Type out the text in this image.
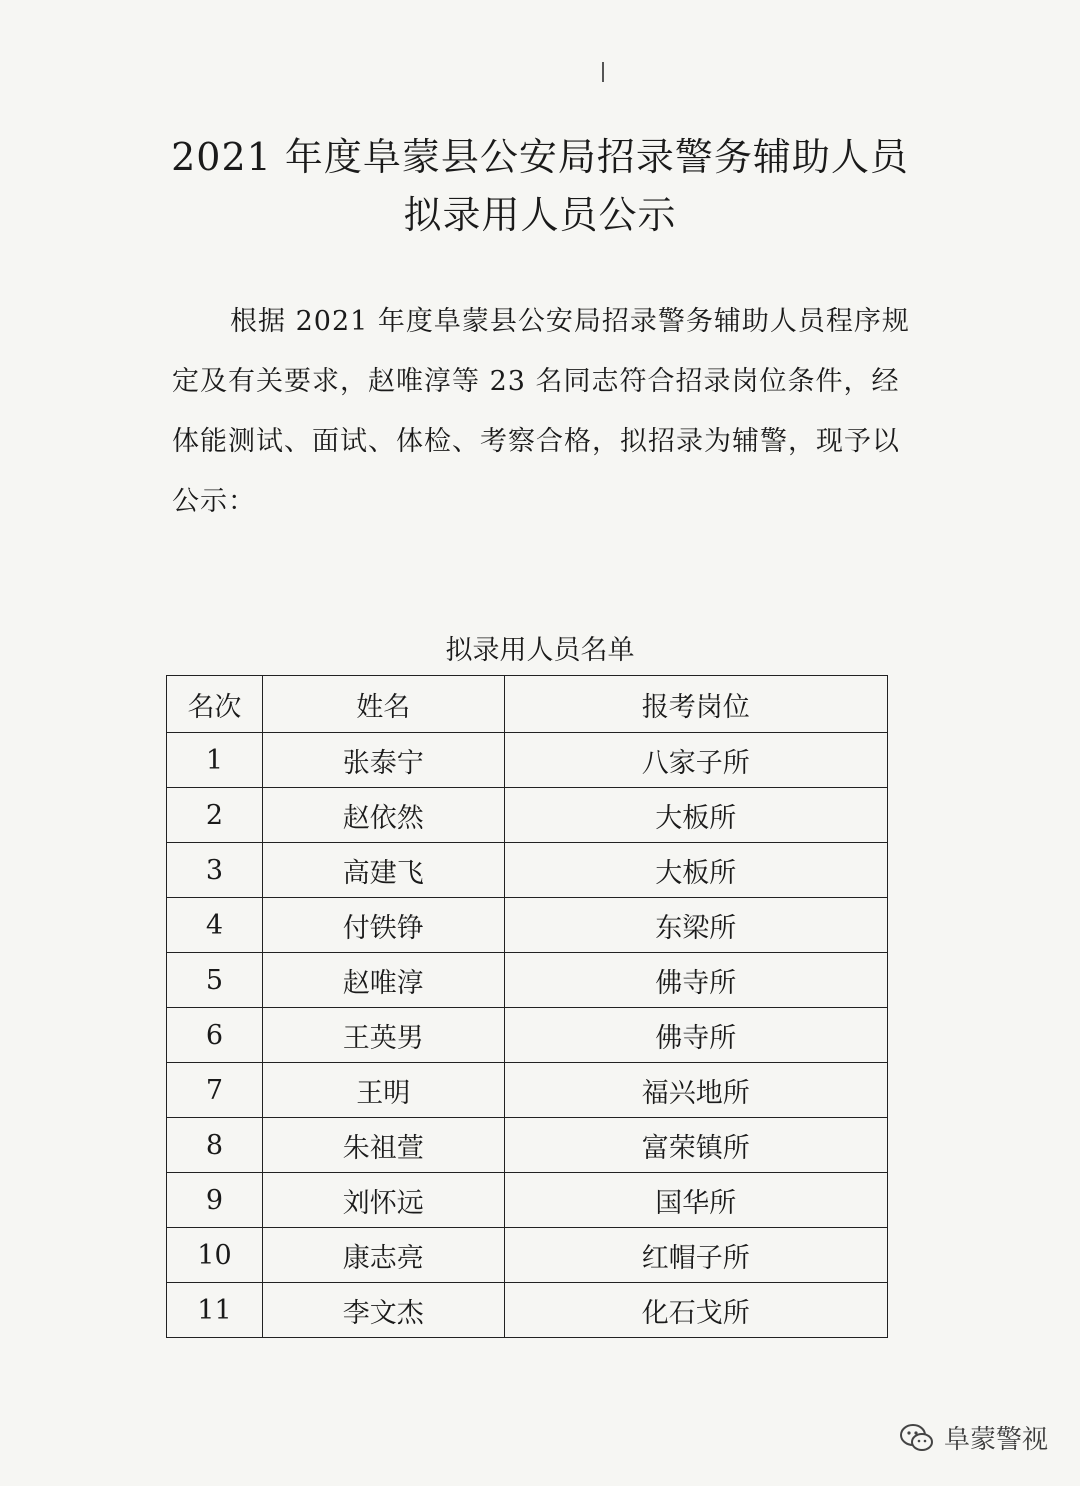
2021 年度阜蒙县公安局招录警务辅助人员
拟录用人员公示
根据 2021 年度阜蒙县公安局招录警务辅助人员程序规
定及有关要求，赵唯淳等 23 名同志符合招录岗位条件，经
体能测试、面试、体检、考察合格，拟招录为辅警，现予以
公示：
拟录用人员名单
名次	姓名	报考岗位
1	张泰宁	八家子所
2	赵依然	大板所
3	高建飞	大板所
4	付铁铮	东梁所
5	赵唯淳	佛寺所
6	王英男	佛寺所
7	王明	福兴地所
8	朱祖萱	富荣镇所
9	刘怀远	国华所
10	康志亮	红帽子所
11	李文杰	化石戈所
阜蒙警视
